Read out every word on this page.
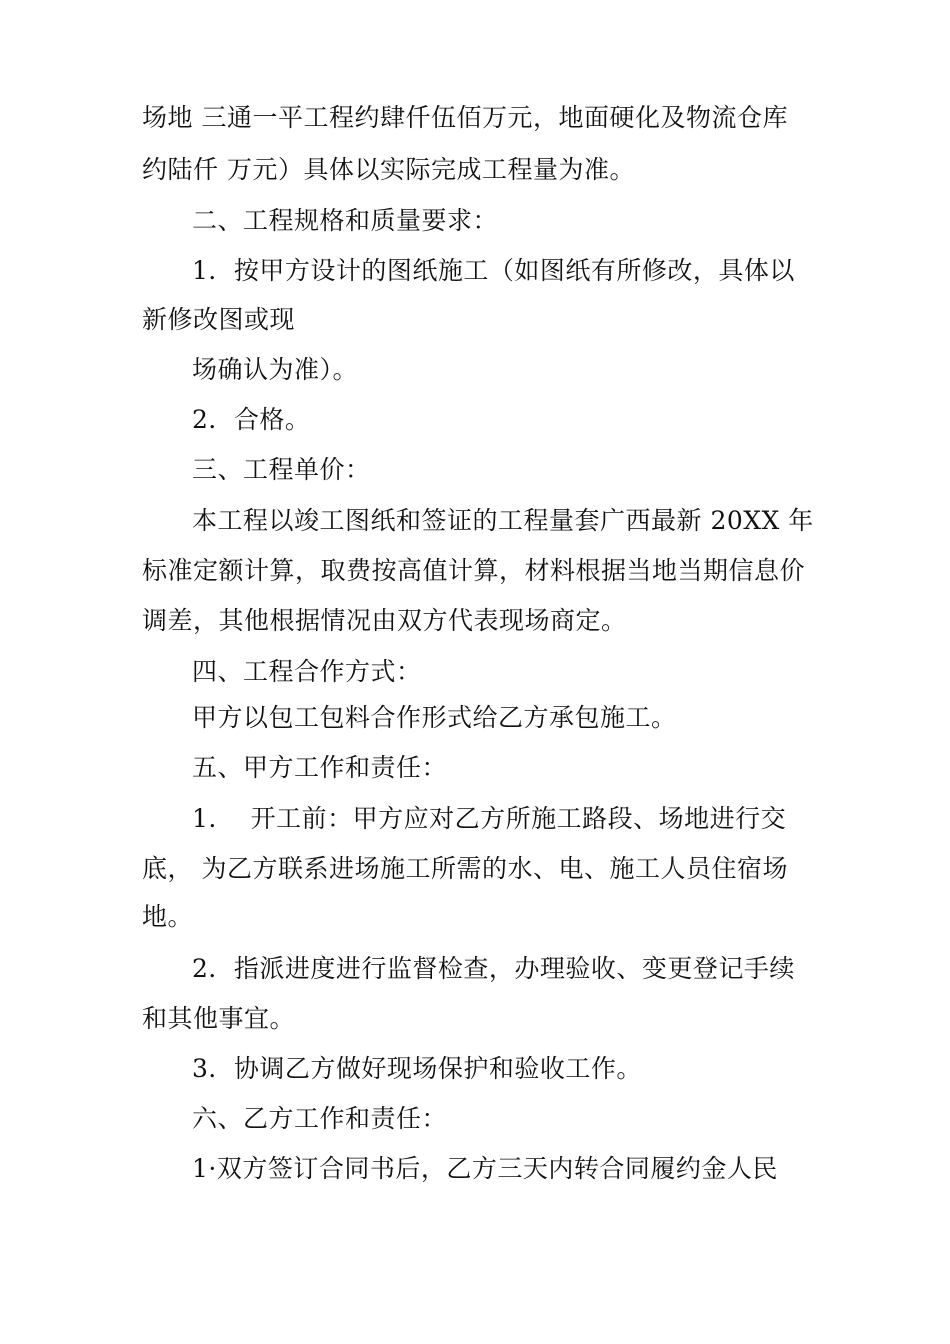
场地 三通一平工程约肆仟伍佰万元，地面硬化及物流仓库
约陆仟 万元）具体以实际完成工程量为准。
二、工程规格和质量要求：
1．按甲方设计的图纸施工（如图纸有所修改，具体以
新修改图或现
场确认为准）。
2．合格。
三、工程单价：
本工程以竣工图纸和签证的工程量套广西最新 20XX 年
标准定额计算，取费按高值计算，材料根据当地当期信息价
调差，其他根据情况由双方代表现场商定。
四、工程合作方式：
甲方以包工包料合作形式给乙方承包施工。
五、甲方工作和责任：
1.    开工前：甲方应对乙方所施工路段、场地进行交
底， 为乙方联系进场施工所需的水、电、施工人员住宿场
地。
2．指派进度进行监督检查，办理验收、变更登记手续
和其他事宜。
3．协调乙方做好现场保护和验收工作。
六、乙方工作和责任：
1·双方签订合同书后，乙方三天内转合同履约金人民
